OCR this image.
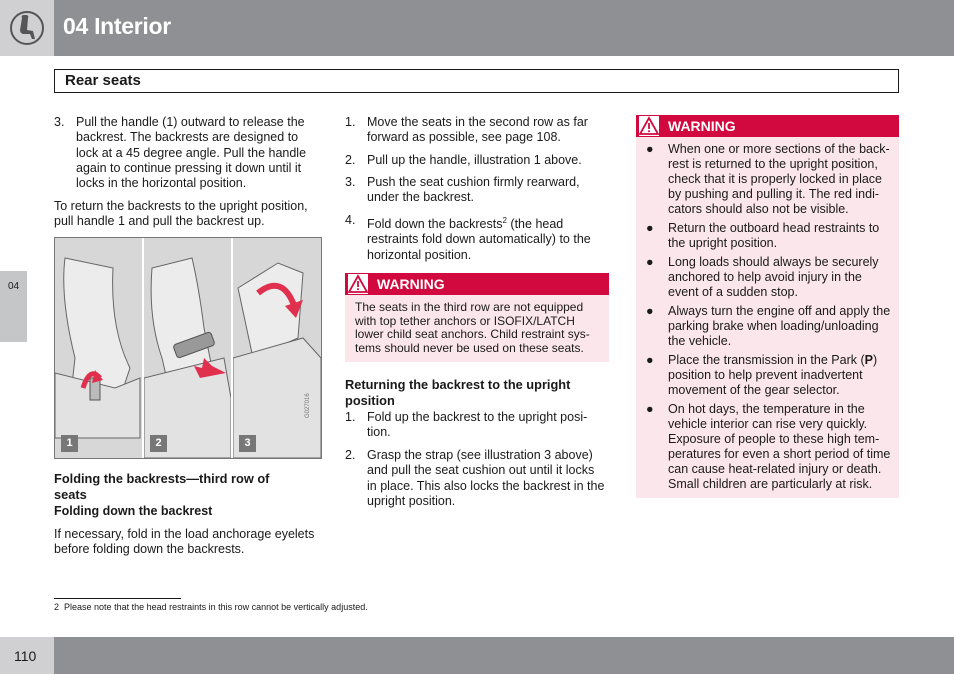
04 Interior
Rear seats
04
3. Pull the handle (1) outward to release the
backrest. The backrests are designed to
lock at a 45 degree angle. Pull the handle
again to continue pressing it down until it
locks in the horizontal position.
To return the backrests to the upright position,
pull handle 1 and pull the backrest up.
1	2	3
G027016
Folding the backrests—third row of
seats
Folding down the backrest
If necessary, fold in the load anchorage eyelets
before folding down the backrests.
1. Move the seats in the second row as far
forward as possible, see page 108.
2. Pull up the handle, illustration 1 above.
3. Push the seat cushion firmly rearward,
under the backrest.
4. Fold down the backrests$^2$ (the head
restraints fold down automatically) to the
horizontal position.
WARNING
The seats in the third row are not equipped
with top tether anchors or ISOFIX/LATCH
lower child seat anchors. Child restraint sys-
tems should never be used on these seats.
Returning the backrest to the upright
position
1. Fold up the backrest to the upright posi-
tion.
2. Grasp the strap (see illustration 3 above)
and pull the seat cushion out until it locks
in place. This also locks the backrest in the
upright position.
WARNING
● When one or more sections of the back-
rest is returned to the upright position,
check that it is properly locked in place
by pushing and pulling it. The red indi-
cators should also not be visible.
● Return the outboard head restraints to
the upright position.
● Long loads should always be securely
anchored to help avoid injury in the
event of a sudden stop.
● Always turn the engine off and apply the
parking brake when loading/unloading
the vehicle.
● Place the transmission in the Park (P)
position to help prevent inadvertent
movement of the gear selector.
● On hot days, the temperature in the
vehicle interior can rise very quickly.
Exposure of people to these high tem-
peratures for even a short period of time
can cause heat-related injury or death.
Small children are particularly at risk.
2 Please note that the head restraints in this row cannot be vertically adjusted.
110
